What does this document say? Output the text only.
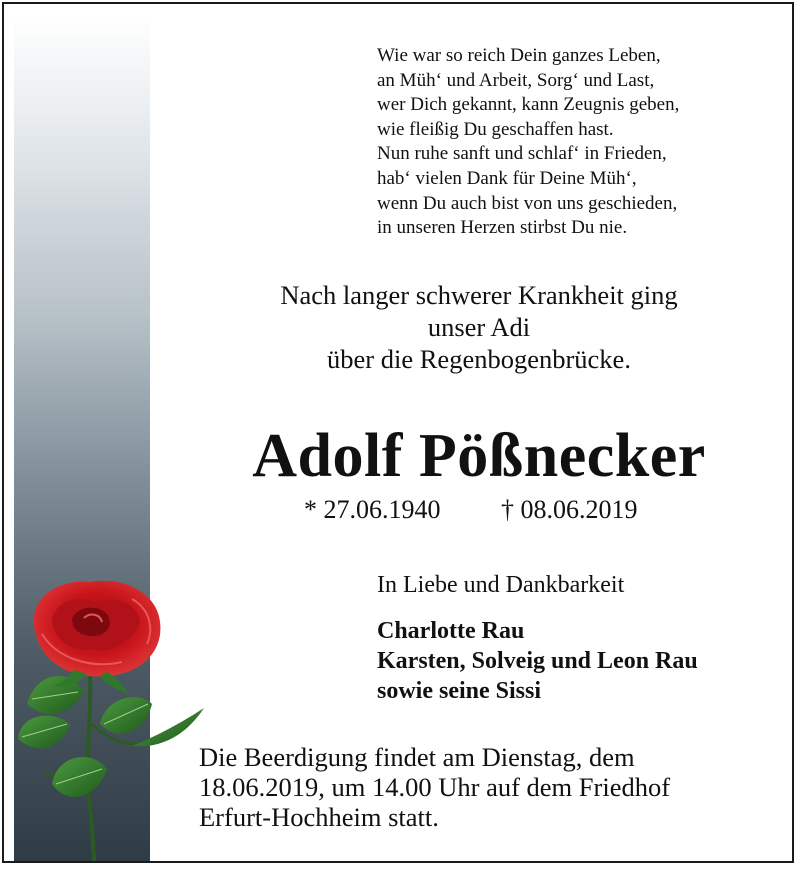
Wie war so reich Dein ganzes Leben,
an Müh‘ und Arbeit, Sorg‘ und Last,
wer Dich gekannt, kann Zeugnis geben,
wie fleißig Du geschaffen hast.
Nun ruhe sanft und schlaf‘ in Frieden,
hab‘ vielen Dank für Deine Müh‘,
wenn Du auch bist von uns geschieden,
in unseren Herzen stirbst Du nie.
Nach langer schwerer Krankheit ging
unser Adi
über die Regenbogenbrücke.
Adolf Pößnecker
* 27.06.1940 † 08.06.2019
In Liebe und Dankbarkeit
Charlotte Rau
Karsten, Solveig und Leon Rau
sowie seine Sissi
Die Beerdigung findet am Dienstag, dem
18.06.2019, um 14.00 Uhr auf dem Friedhof
Erfurt-Hochheim statt.
